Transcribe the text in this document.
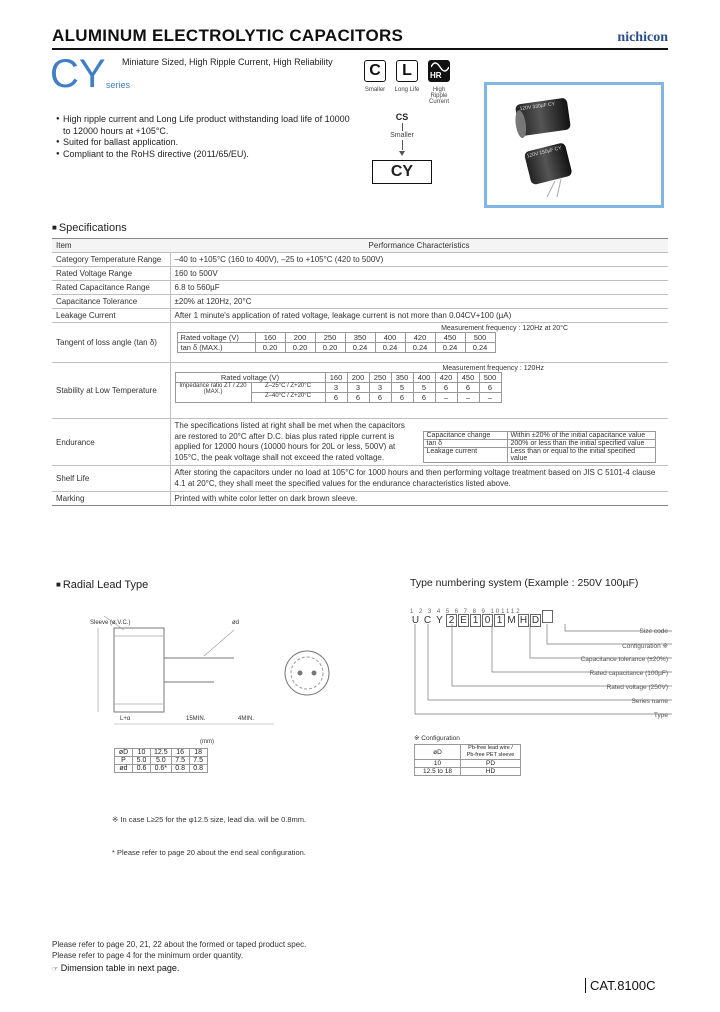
ALUMINUM ELECTROLYTIC CAPACITORS	nichicon
CY series
Miniature Sized, High Ripple Current, High Reliability	C
Smaller
L
Long Life
HR
High Ripple Current
● High ripple current and Long Life product withstanding load life of 10000 to 12000 hours at +105°C.
● Suited for ballast application.
● Compliant to the RoHS directive (2011/65/EU).
CS
Smaller
CY
120V 330µF CY
120V 150µF CY
■ Specifications
Item	Performance Characteristics
Category Temperature Range	–40 to +105°C (160 to 400V), –25 to +105°C (420 to 500V)
Rated Voltage Range	160 to 500V
Rated Capacitance Range	6.8 to 560µF
Capacitance Tolerance	±20% at 120Hz, 20°C
Leakage Current	After 1 minute's application of rated voltage, leakage current is not more than 0.04CV+100 (µA)
Tangent of loss angle (tan δ)	
Measurement frequency : 120Hz at 20°C
Rated voltage (V)	160	200	250	350	400	420	450	500
tan δ (MAX.)	0.20	0.20	0.20	0.24	0.24	0.24	0.24	0.24

Stability at Low Temperature	
Measurement frequency : 120Hz
Rated voltage (V)	160	200	250	350	400	420	450	500
Impedance ratio ZT / Z20 (MAX.)	Z–25°C / Z+20°C	3	3	3	5	5	6	6	6
Z–40°C / Z+20°C	6	6	6	6	6	–	–	–

Endurance	
The specifications listed at right shall be met when the capacitors are restored to 20°C after D.C. bias plus rated ripple current is applied for 12000 hours (10000 hours for 20L or less, 500V) at 105°C, the peak voltage shall not exceed the rated voltage.
Capacitance change	Within ±20% of the initial capacitance value
tan δ	200% or less than the initial specified value
Leakage current	Less than or equal to the initial specified value

Shelf Life	After storing the capacitors under no load at 105°C for 1000 hours and then performing voltage treatment based on JIS C 5101-4 clause 4.1 at 20°C, they shall meet the specified values for the endurance characteristics listed above.
Marking	Printed with white color letter on dark brown sleeve.
■ Radial Lead Type
Sleeve (ø.V.C.)	ød
L+α	15MIN.	4MIN.
(mm)
øD	10	12.5	16	18
P	5.0	5.0	7.5	7.5
ød	0.6	0.6*	0.8	0.8
※ In case L≥25 for the φ12.5 size, lead dia. will be 0.8mm.
* Please refer to page 20 about the end seal configuration.
Type numbering system (Example : 250V 100µF)
123456789101112
U C Y 2 E 1 0 1 M H D
Size code
Configuration ※
Capacitance tolerance (±20%)
Rated capacitance (100µF)
Rated voltage (250V)
Series name
Type
※ Configuration
øD	Pb-free lead wire / Pb-free PET sleeve
10	PD
12.5 to 18	HD
Please refer to page 20, 21, 22 about the formed or taped product spec.
Please refer to page 4 for the minimum order quantity.
☞ Dimension table in next page.
CAT.8100C
